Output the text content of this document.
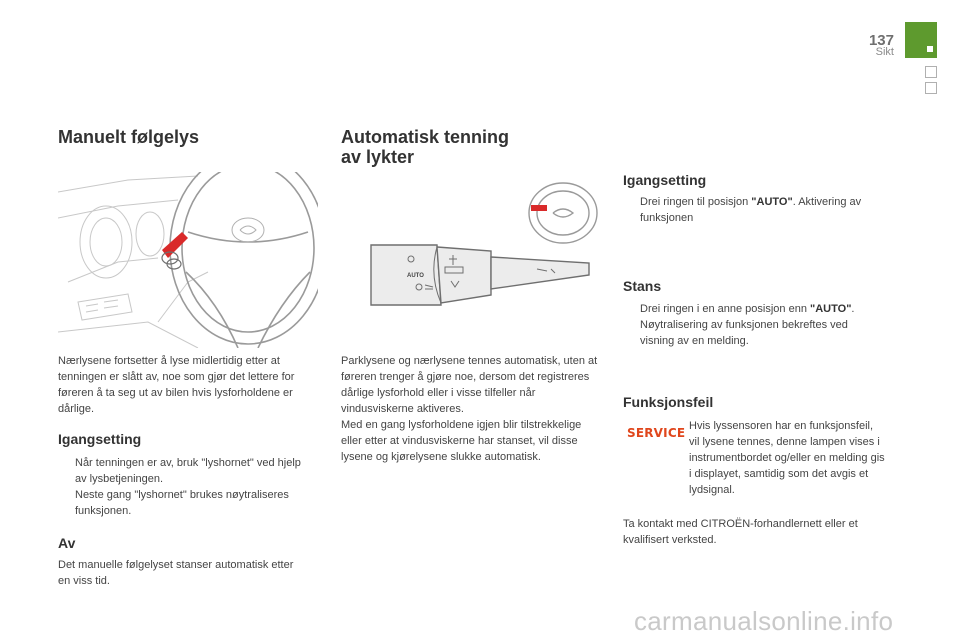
137
Sikt
Manuelt følgelys
Nærlysene fortsetter å lyse midlertidig etter at tenningen er slått av, noe som gjør det lettere for føreren å ta seg ut av bilen hvis lysforholdene er dårlige.
Igangsetting
Når tenningen er av, bruk "lyshornet" ved hjelp av lysbetjeningen.
Neste gang "lyshornet" brukes nøytraliseres funksjonen.
Av
Det manuelle følgelyset stanser automatisk etter en viss tid.
Automatisk tenning
av lykter
AUTO
Parklysene og nærlysene tennes automatisk, uten at føreren trenger å gjøre noe, dersom det registreres dårlige lysforhold eller i visse tilfeller når vindusviskerne aktiveres.
Med en gang lysforholdene igjen blir tilstrekkelige eller etter at vindusviskerne har stanset, vil disse lysene og kjørelysene slukke automatisk.
Igangsetting
Drei ringen til posisjon "AUTO". Aktivering av funksjonen
Stans
Drei ringen i en anne posisjon enn "AUTO". Nøytralisering av funksjonen bekreftes ved visning av en melding.
Funksjonsfeil
SERVICE Hvis lyssensoren har en funksjonsfeil, vil lysene tennes, denne lampen vises i instrumentbordet og/eller en melding gis i displayet, samtidig som det avgis et lydsignal.
Ta kontakt med CITROËN-forhandlernett eller et kvalifisert verksted.
carmanualsonline.info
